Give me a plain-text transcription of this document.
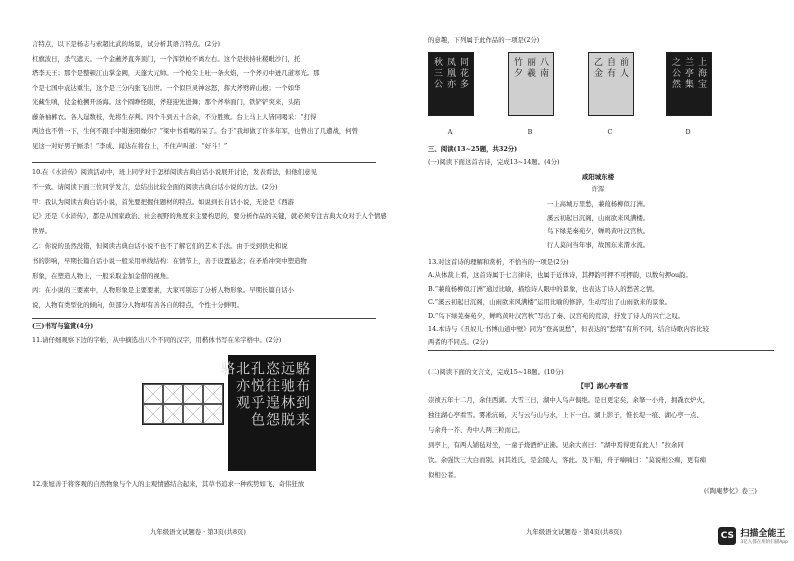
言特点，以下是杨志与索超比武的场景，试分析其语言特点。(2分)
杠旗波日，杀气遮天。一个金蘸斧直奔顶门，一个浑铁枪不离左右。这个是扶持社稷毗沙门，托
塔李天王；那个是整顿江山掌金阙，天蓬大元帅。一个枪尖上吐一条火焰，一个斧刃中迸几道寒光。那
个是七国中袁达重生，这个是三分内张飞出世。一个似巨灵神忿怒，挥大斧劈碎山根；一个如华
光藏生嗔，仗金枪搠开汤海。这个圆睁怪眼，斧迎迎先进舞；那个斧举面门，铁铲铲突来，头陷
藤条袖裤衣。各人逞数枝，先将生存判。四个斗到五十合余，不分胜败。台上马上人皆同喝采：“打得
两边也不曾一下，生何不跟手中钳迷阳燥尔？”梁中书看喝的呆了。台于“我却做了许多年军，也曾出了几遭战，何曾
见这一对好男子厮杀！”李成、闻达在将台上，不住声叫道：“好斗！”
10.在《水浒传》阅读活动中，班上同学对于怎样阅读古典白话小说展开讨论，发表看法，但他们意见
不一致。请阅读下面三位同学发言，总结出比较全面的阅读古典白话小说的方法。(2分)
甲：我认为阅读古典白话小说，首先要把握住题材的特点。如说到长自话小说，无论是《西游
记》还是《水浒传》，都是从国家政治、社会视野的角度来主要构思的，要分析作品的关键，就必须专注古典大众对于人个情感
世界。
乙：你说的虽然没错，但阅读古典白话小说不也不了解它们的艺术手法。由于受到供史和说
书的影响，早期长篇自话小说一般采用单线结构：在情节上，善于设置悬念；在矛盾冲突中塑造物
形象，在塑造人物上，一般采取金加金借的视角。
丙：在小说的三要素中，人物形象是主要要素，大家可别忘了分析人物形象。早期长篇自话小
说，人物有类型化的倾向，但部分人物却有善各自的特点，个性十分鲜明。
(三)书写与鉴赏(4分)
11.请仔细观察下边的字帖，从中摘选出八个不同的汉字，用楷体书写在米字格中。(2分)
駱布到来
远驰林脱
恣往遑怨
孔悦乎色
北亦观
骆
12.张旭善于将客观的自然物象与个人的主观情感结合起来，其草书追求一种疾势如飞、奇伟狂放
九年级语文试题卷 · 第3页(共8页)
的意趣，下列属于此作品的一项是(2分)
同花多
凤凰亦
秋三公
A
八南
丽羲
竹夕
B
前人
自有
乙金
C
上海宝
兰亭集
之公然
D
三、阅读(13~25题，共32分)
(一)阅读下面这首古诗，完成13~14题。(4分)
咸阳城东楼
许浑
一上高城万里愁，蒹葭杨柳似汀洲。
溪云初起日沉阁，山雨欲来风满楼。
鸟下绿芜秦苑夕，蝉鸣黄叶汉宫秋。
行人莫问当年事，故国东来渭水流。
13.对这首诗的理解和赏析，不恰当的一项是(2分)
A.从体裁上看，这首诗属于七言律诗，也属于近体诗，其押韵可押不可押韵，以数句押ou韵。
B.“蒹葭杨柳似汀洲”通过比喻，描绘诗人眼中的景象，也表达了诗人的愁苦之情。
C.“溪云初起日沉阁，山雨欲来风满楼”运用比喻的修辞，生动写出了山雨欲来的景象。
D.“鸟下绿芜秦苑夕，蝉鸣黄叶汉宫秋”写出了秦、汉宫苑的荒凉，抒发了诗人的兴亡之叹。
14.本诗与《丑奴儿·书博山道中壁》同为“登高说愁”，但表达的“愁绪”有所不同，结合诗歌内容比较
两者的不同点。(2分)
(二)阅读下面的文言文，完成15~18题。(10分)
【甲】湖心亭看雪
崇祯五年十二月，余住西湖。大雪三日，湖中人鸟声俱绝。是日更定矣，余拏一小舟，拥毳衣炉火，
独往湖心亭看雪。雾凇沆砀，天与云与山与水，上下一白。湖上影子，惟长堤一痕、湖心亭一点、
与余舟一芥、舟中人两三粒而已。
到亭上，有两人铺毡对坐，一童子烧酒炉正沸。见余大喜曰：“湖中焉得更有此人！”拉余同
饮。余强饮三大白而别。问其姓氏，是金陵人，客此。及下船，舟子喃喃曰：“莫说相公痴，更有痴
似相公者。
(《陶庵梦忆》卷三)
九年级语文试题卷 · 第4页(共8页)	CS 扫描全能王
3亿人都在用的扫描App
